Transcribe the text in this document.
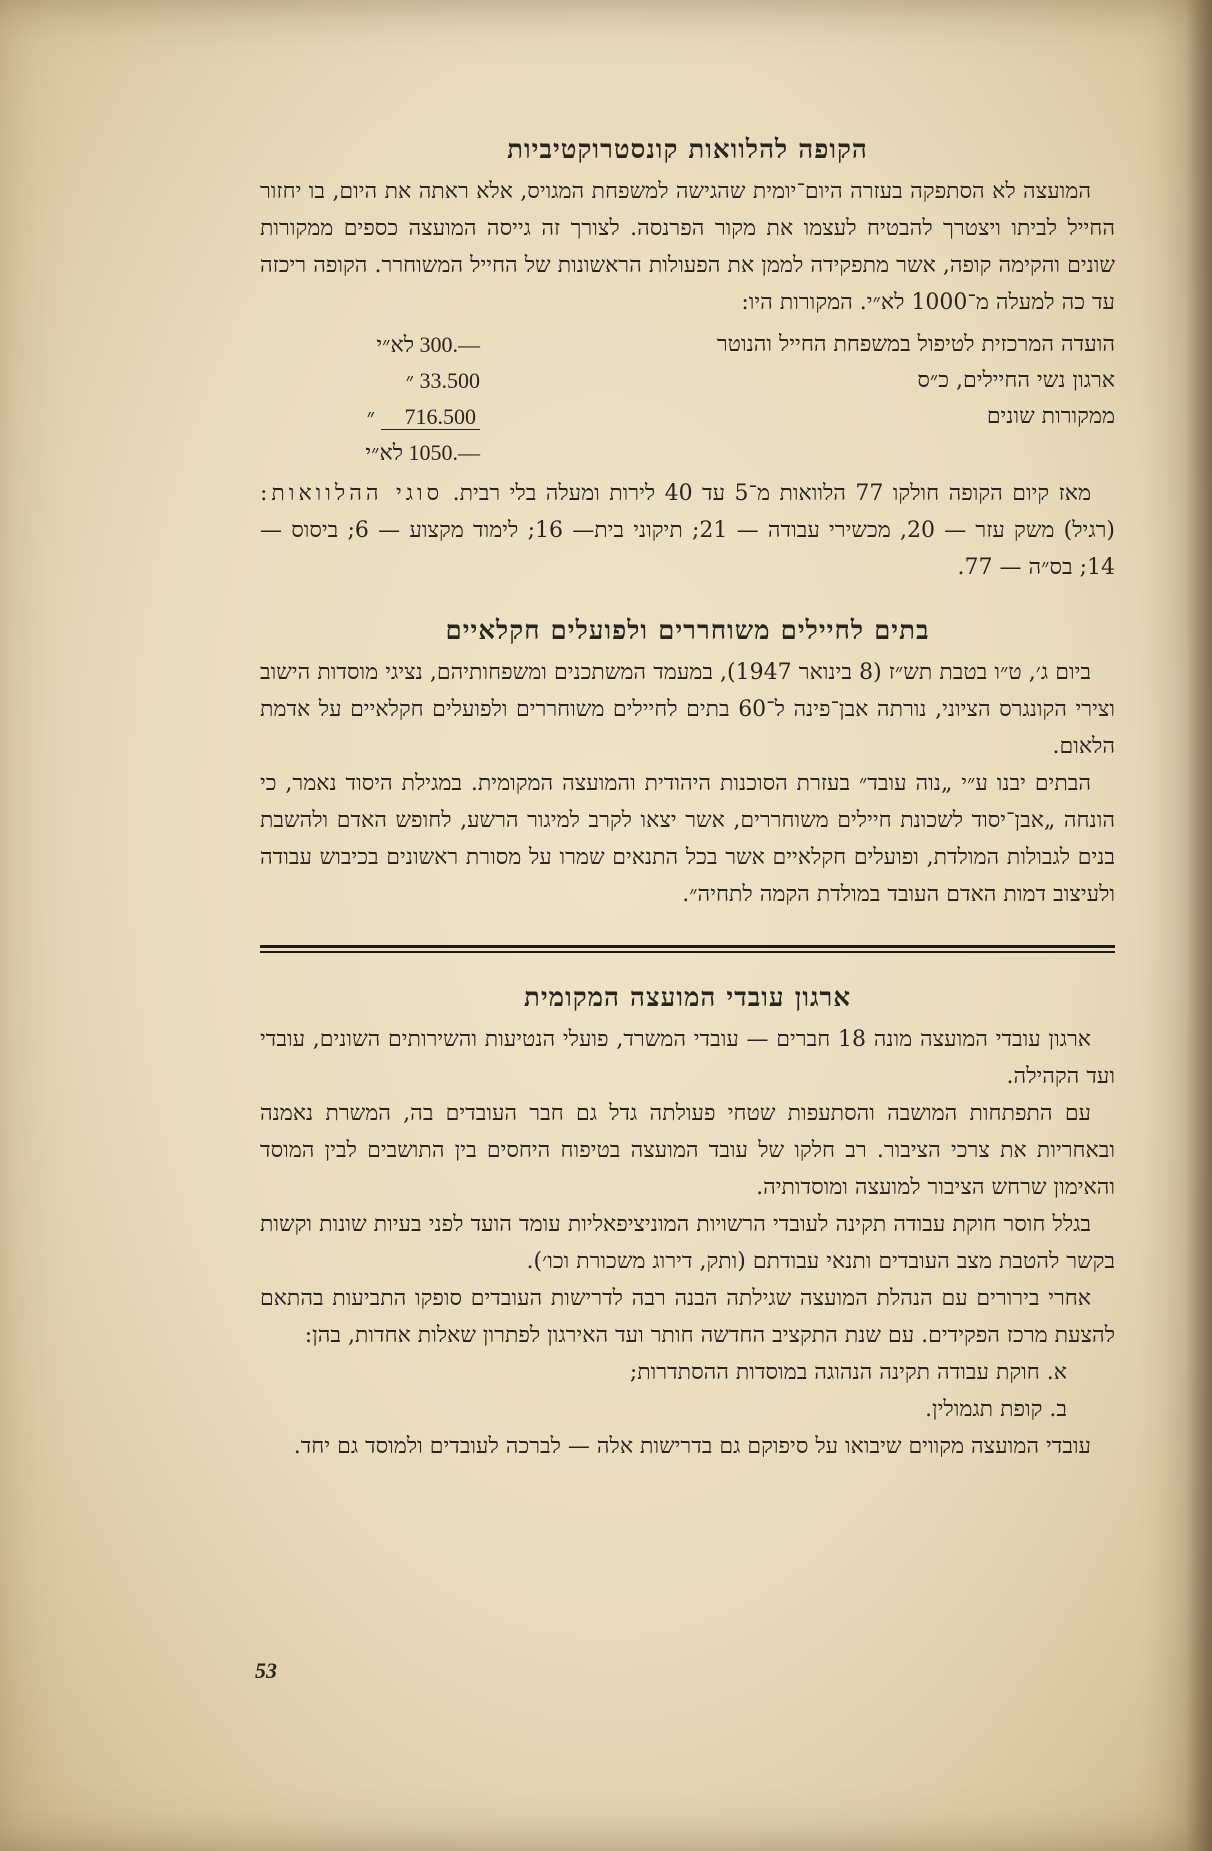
הקופה להלוואות קונסטרוקטיביות

המועצה לא הסתפקה בעזרה היום־יומית שהגישה למשפחת המגויס, אלא ראתה את היום, בו יחזור החייל לביתו ויצטרך להבטיח לעצמו את מקור הפרנסה. לצורך זה גייסה המועצה כספים ממקורות שונים והקימה קופה, אשר מתפקידה לממן את הפעולות הראשונות של החייל המשוחרר. הקופה ריכזה עד כה למעלה מ־1000 לא״י. המקורות היו:

הועדה המרכזית לטיפול במשפחת החייל והנוטר
לא״י 300.—
ארגון נשי החיילים, כ״ס
״ 33.500
ממקורות שונים
״ 716.500
לא״י 1050.—

מאז קיום הקופה חולקו 77 הלוואות מ־5 עד 40 לירות ומעלה בלי רבית. סוגי ההלוואות: (רגיל) משק עזר — 20, מכשירי עבודה — 21; תיקוני בית— 16; לימוד מקצוע — 6; ביסוס — 14; בס״ה — 77.

בתים לחיילים משוחררים ולפועלים חקלאיים

ביום ג׳, ט״ו בטבת תש״ז (8 בינואר 1947), במעמד המשתכנים ומשפחותיהם, נציגי מוסדות הישוב וצירי הקונגרס הציוני, נורתה אבן־פינה ל־60 בתים לחיילים משוחררים ולפועלים חקלאיים על אדמת הלאום.

הבתים יבנו ע״י „נוה עובד״ בעזרת הסוכנות היהודית והמועצה המקומית. במגילת היסוד נאמר, כי הונחה „אבן־יסוד לשכונת חיילים משוחררים, אשר יצאו לקרב למיגור הרשע, לחופש האדם ולהשבת בנים לגבולות המולדת, ופועלים חקלאיים אשר בכל התנאים שמרו על מסורת ראשונים בכיבוש עבודה ולעיצוב דמות האדם העובד במולדת הקמה לתחיה״.

ארגון עובדי המועצה המקומית

ארגון עובדי המועצה מונה 18 חברים — עובדי המשרד, פועלי הנטיעות והשירותים השונים, עובדי ועד הקהילה.

עם התפתחות המושבה והסתעפות שטחי פעולתה גדל גם חבר העובדים בה, המשרת נאמנה ובאחריות את צרכי הציבור. רב חלקו של עובד המועצה בטיפוח היחסים בין התושבים לבין המוסד והאימון שרחש הציבור למועצה ומוסדותיה.

בגלל חוסר חוקת עבודה תקינה לעובדי הרשויות המוניציפאליות עומד הועד לפני בעיות שונות וקשות בקשר להטבת מצב העובדים ותנאי עבודתם (ותק, דירוג משכורת וכו׳).

אחרי בירורים עם הנהלת המועצה שגילתה הבנה רבה לדרישות העובדים סופקו התביעות בהתאם להצעת מרכז הפקידים. עם שנת התקציב החדשה חותר ועד האירגון לפתרון שאלות אחדות, בהן:

א. חוקת עבודה תקינה הנהוגה במוסדות ההסתדרות;

ב. קופת תגמולין.

עובדי המועצה מקווים שיבואו על סיפוקם גם בדרישות אלה — לברכה לעובדים ולמוסד גם יחד.

53
